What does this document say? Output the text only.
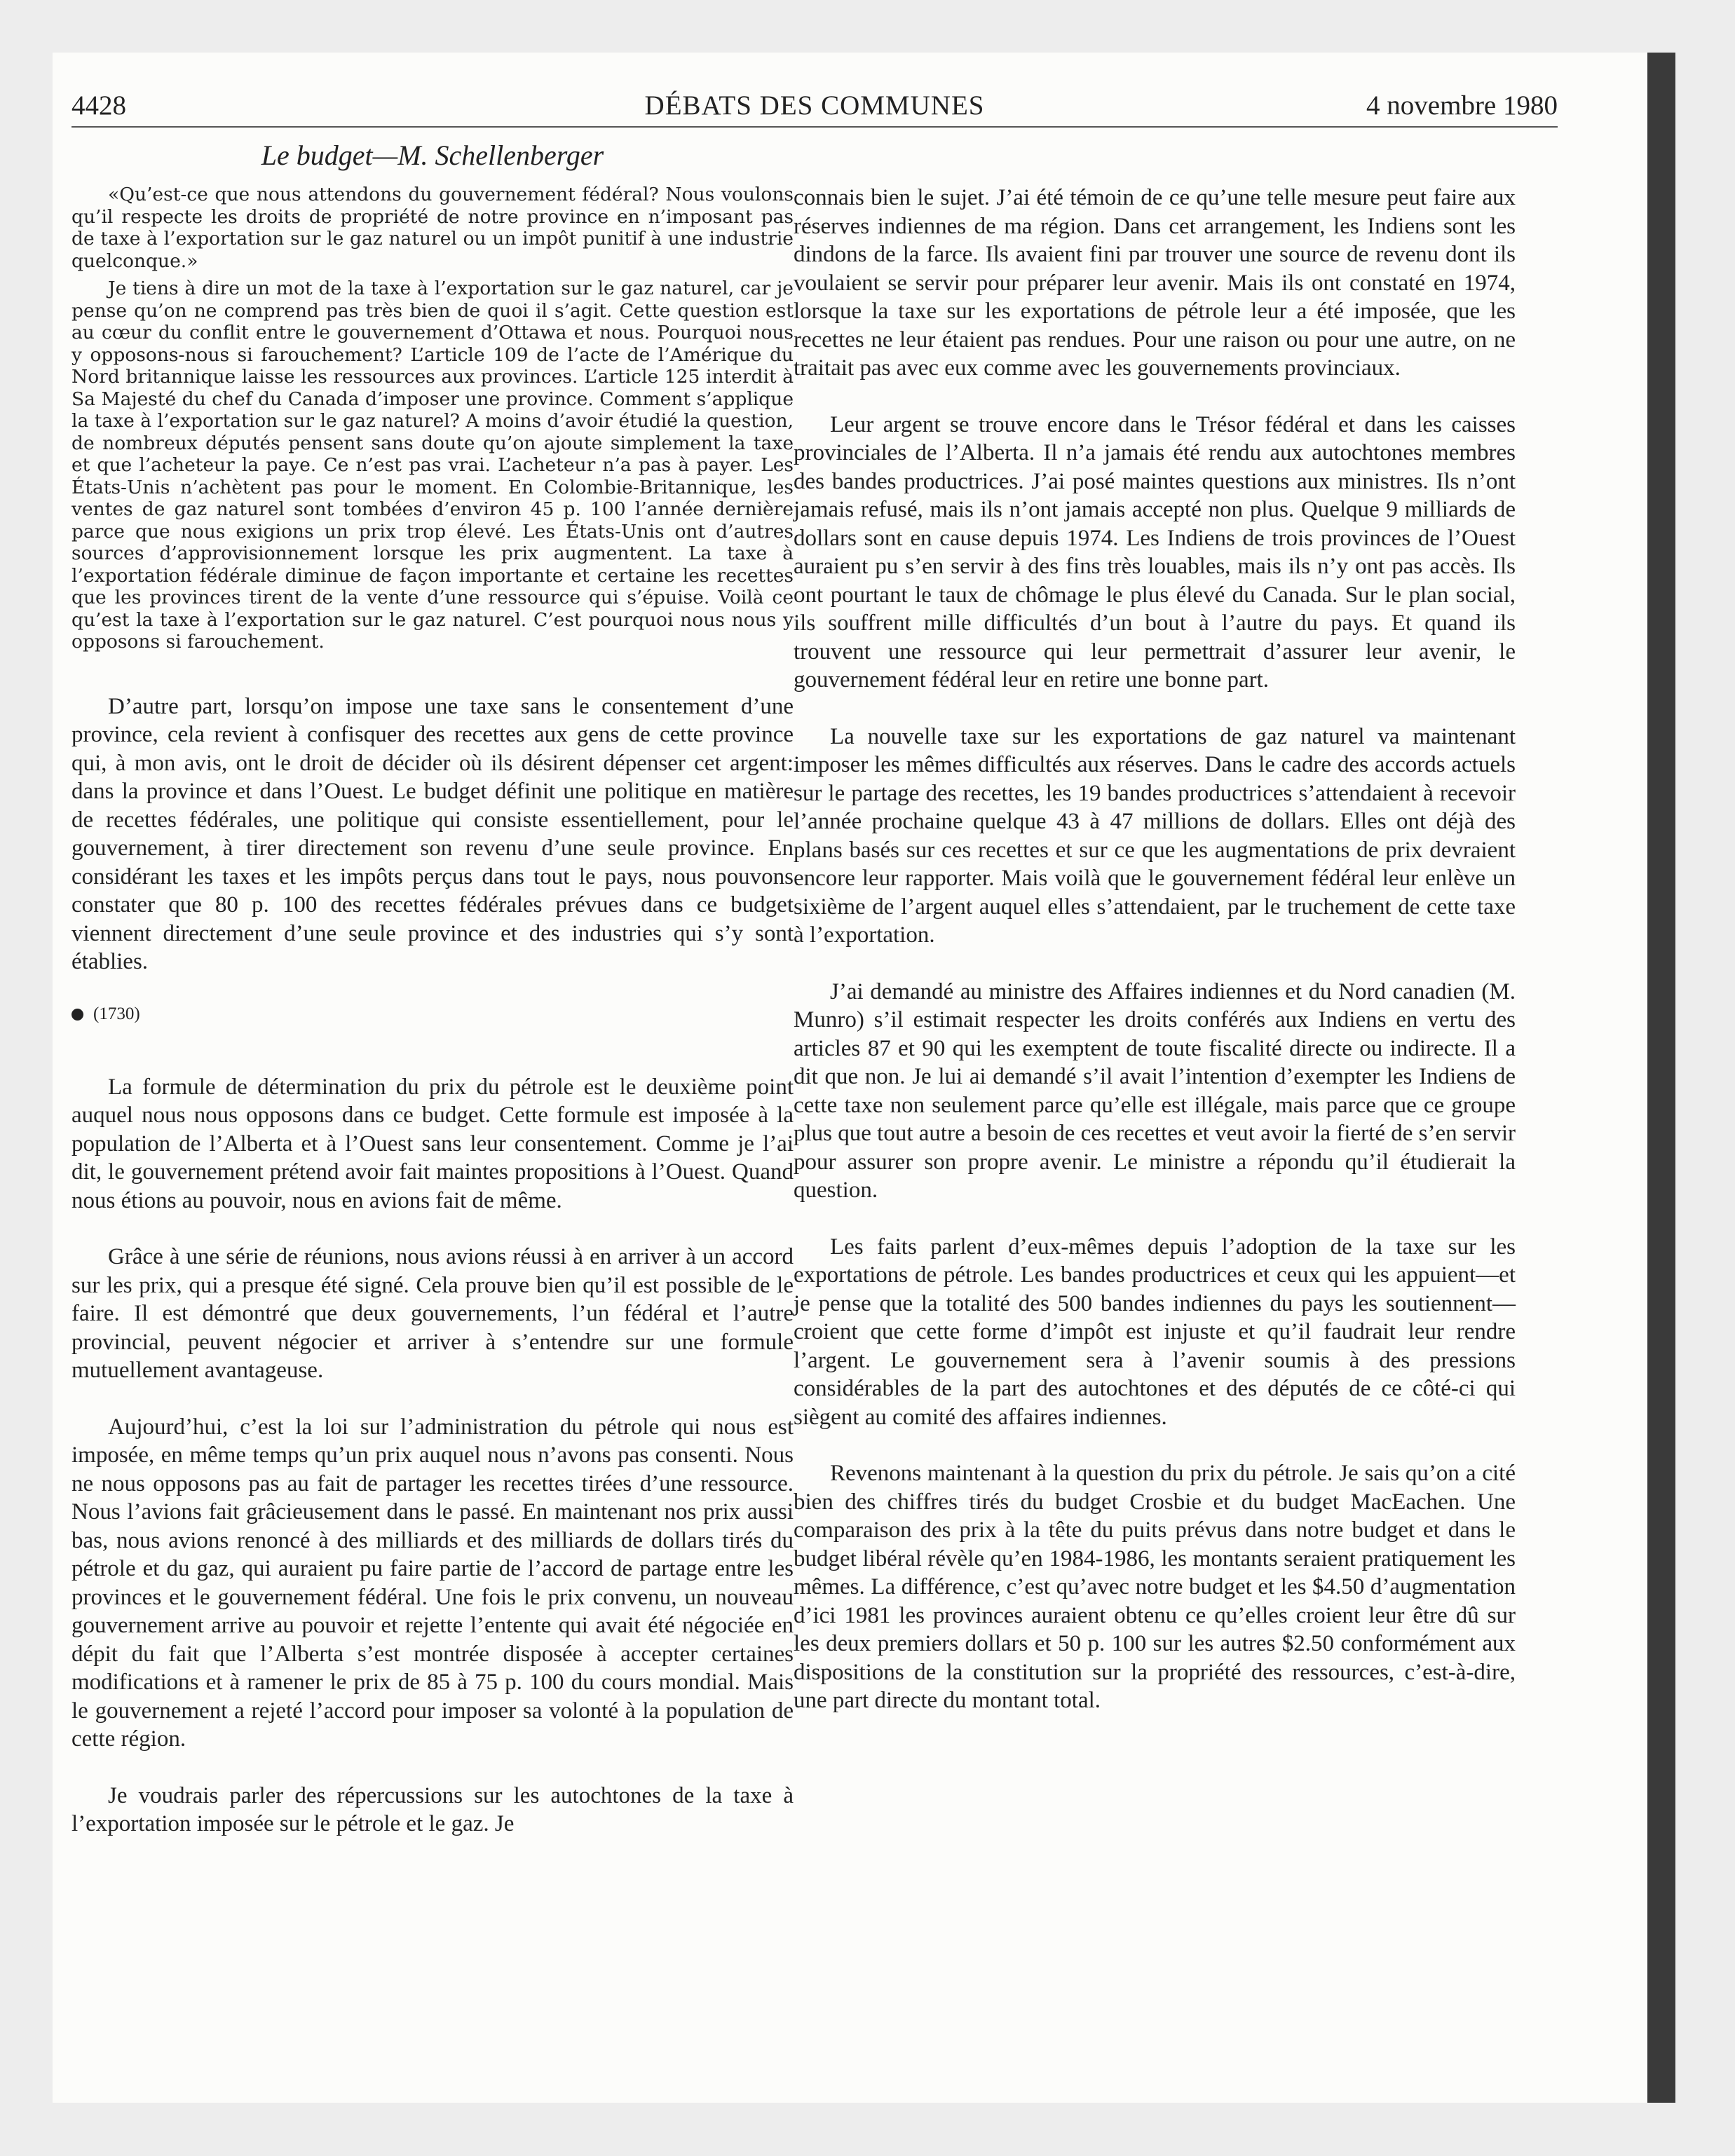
4428	DÉBATS DES COMMUNES	4 novembre 1980
Le budget—M. Schellenberger

«Qu’est-ce que nous attendons du gouvernement fédéral? Nous voulons qu’il respecte les droits de propriété de notre province en n’imposant pas de taxe à l’exportation sur le gaz naturel ou un impôt punitif à une industrie quelconque.»

Je tiens à dire un mot de la taxe à l’exportation sur le gaz naturel, car je pense qu’on ne comprend pas très bien de quoi il s’agit. Cette question est au cœur du conflit entre le gouvernement d’Ottawa et nous. Pourquoi nous y opposons-nous si farouchement? L’article 109 de l’acte de l’Amérique du Nord britannique laisse les ressources aux provinces. L’article 125 interdit à Sa Majesté du chef du Canada d’imposer une province. Comment s’applique la taxe à l’exportation sur le gaz naturel? A moins d’avoir étudié la question, de nombreux députés pensent sans doute qu’on ajoute simplement la taxe et que l’acheteur la paye. Ce n’est pas vrai. L’acheteur n’a pas à payer. Les États-Unis n’achètent pas pour le moment. En Colombie-Britannique, les ventes de gaz naturel sont tombées d’environ 45 p. 100 l’année dernière parce que nous exigions un prix trop élevé. Les États-Unis ont d’autres sources d’approvisionnement lorsque les prix augmentent. La taxe à l’exportation fédérale diminue de façon importante et certaine les recettes que les provinces tirent de la vente d’une ressource qui s’épuise. Voilà ce qu’est la taxe à l’exportation sur le gaz naturel. C’est pourquoi nous nous y opposons si farouchement.

D’autre part, lorsqu’on impose une taxe sans le consentement d’une province, cela revient à confisquer des recettes aux gens de cette province qui, à mon avis, ont le droit de décider où ils désirent dépenser cet argent: dans la province et dans l’Ouest. Le budget définit une politique en matière de recettes fédérales, une politique qui consiste essentiellement, pour le gouvernement, à tirer directement son revenu d’une seule province. En considérant les taxes et les impôts perçus dans tout le pays, nous pouvons constater que 80 p. 100 des recettes fédérales prévues dans ce budget viennent directement d’une seule province et des industries qui s’y sont établies.

(1730)

La formule de détermination du prix du pétrole est le deuxième point auquel nous nous opposons dans ce budget. Cette formule est imposée à la population de l’Alberta et à l’Ouest sans leur consentement. Comme je l’ai dit, le gouvernement prétend avoir fait maintes propositions à l’Ouest. Quand nous étions au pouvoir, nous en avions fait de même.

Grâce à une série de réunions, nous avions réussi à en arriver à un accord sur les prix, qui a presque été signé. Cela prouve bien qu’il est possible de le faire. Il est démontré que deux gouvernements, l’un fédéral et l’autre provincial, peuvent négocier et arriver à s’entendre sur une formule mutuellement avantageuse.

Aujourd’hui, c’est la loi sur l’administration du pétrole qui nous est imposée, en même temps qu’un prix auquel nous n’avons pas consenti. Nous ne nous opposons pas au fait de partager les recettes tirées d’une ressource. Nous l’avions fait grâcieusement dans le passé. En maintenant nos prix aussi bas, nous avions renoncé à des milliards et des milliards de dollars tirés du pétrole et du gaz, qui auraient pu faire partie de l’accord de partage entre les provinces et le gouvernement fédéral. Une fois le prix convenu, un nouveau gouvernement arrive au pouvoir et rejette l’entente qui avait été négociée en dépit du fait que l’Alberta s’est montrée disposée à accepter certaines modifications et à ramener le prix de 85 à 75 p. 100 du cours mondial. Mais le gouvernement a rejeté l’accord pour imposer sa volonté à la population de cette région.

Je voudrais parler des répercussions sur les autochtones de la taxe à l’exportation imposée sur le pétrole et le gaz. Je

connais bien le sujet. J’ai été témoin de ce qu’une telle mesure peut faire aux réserves indiennes de ma région. Dans cet arrangement, les Indiens sont les dindons de la farce. Ils avaient fini par trouver une source de revenu dont ils voulaient se servir pour préparer leur avenir. Mais ils ont constaté en 1974, lorsque la taxe sur les exportations de pétrole leur a été imposée, que les recettes ne leur étaient pas rendues. Pour une raison ou pour une autre, on ne traitait pas avec eux comme avec les gouvernements provinciaux.

Leur argent se trouve encore dans le Trésor fédéral et dans les caisses provinciales de l’Alberta. Il n’a jamais été rendu aux autochtones membres des bandes productrices. J’ai posé maintes questions aux ministres. Ils n’ont jamais refusé, mais ils n’ont jamais accepté non plus. Quelque 9 milliards de dollars sont en cause depuis 1974. Les Indiens de trois provinces de l’Ouest auraient pu s’en servir à des fins très louables, mais ils n’y ont pas accès. Ils ont pourtant le taux de chômage le plus élevé du Canada. Sur le plan social, ils souffrent mille difficultés d’un bout à l’autre du pays. Et quand ils trouvent une ressource qui leur permettrait d’assurer leur avenir, le gouvernement fédéral leur en retire une bonne part.

La nouvelle taxe sur les exportations de gaz naturel va maintenant imposer les mêmes difficultés aux réserves. Dans le cadre des accords actuels sur le partage des recettes, les 19 bandes productrices s’attendaient à recevoir l’année prochaine quelque 43 à 47 millions de dollars. Elles ont déjà des plans basés sur ces recettes et sur ce que les augmentations de prix devraient encore leur rapporter. Mais voilà que le gouvernement fédéral leur enlève un sixième de l’argent auquel elles s’attendaient, par le truchement de cette taxe à l’exportation.

J’ai demandé au ministre des Affaires indiennes et du Nord canadien (M. Munro) s’il estimait respecter les droits conférés aux Indiens en vertu des articles 87 et 90 qui les exemptent de toute fiscalité directe ou indirecte. Il a dit que non. Je lui ai demandé s’il avait l’intention d’exempter les Indiens de cette taxe non seulement parce qu’elle est illégale, mais parce que ce groupe plus que tout autre a besoin de ces recettes et veut avoir la fierté de s’en servir pour assurer son propre avenir. Le ministre a répondu qu’il étudierait la question.

Les faits parlent d’eux-mêmes depuis l’adoption de la taxe sur les exportations de pétrole. Les bandes productrices et ceux qui les appuient—et je pense que la totalité des 500 bandes indiennes du pays les soutiennent—croient que cette forme d’impôt est injuste et qu’il faudrait leur rendre l’argent. Le gouvernement sera à l’avenir soumis à des pressions considérables de la part des autochtones et des députés de ce côté-ci qui siègent au comité des affaires indiennes.

Revenons maintenant à la question du prix du pétrole. Je sais qu’on a cité bien des chiffres tirés du budget Crosbie et du budget MacEachen. Une comparaison des prix à la tête du puits prévus dans notre budget et dans le budget libéral révèle qu’en 1984-1986, les montants seraient pratiquement les mêmes. La différence, c’est qu’avec notre budget et les $4.50 d’augmentation d’ici 1981 les provinces auraient obtenu ce qu’elles croient leur être dû sur les deux premiers dollars et 50 p. 100 sur les autres $2.50 conformément aux dispositions de la constitution sur la propriété des ressources, c’est-à-dire, une part directe du montant total.
